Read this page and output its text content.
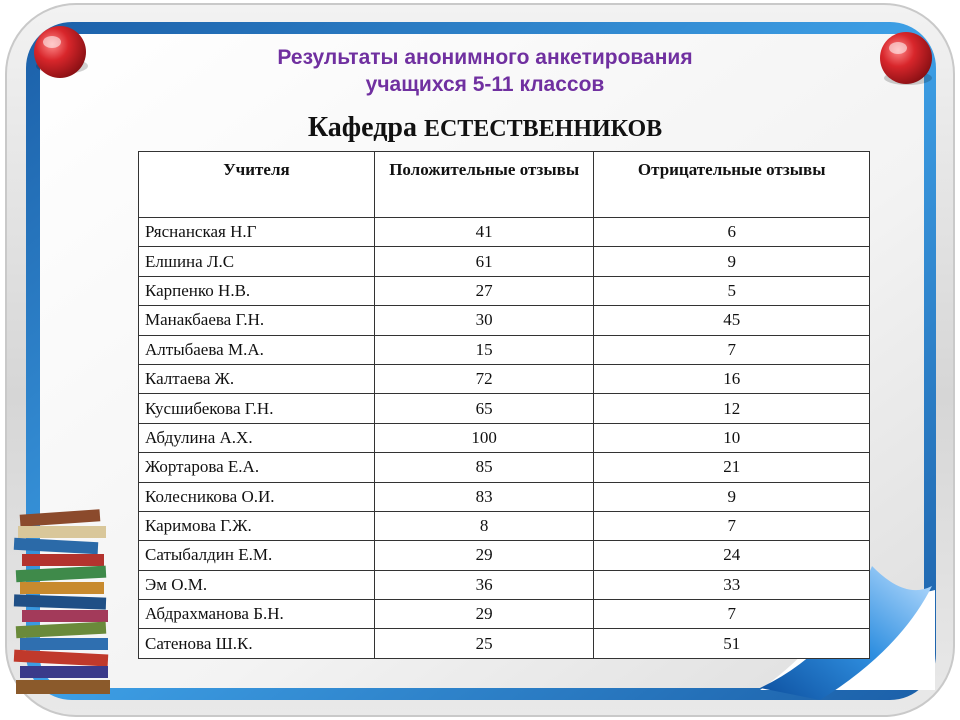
Результаты анонимного анкетирования
учащихся 5-11 классов
Кафедра ЕСТЕСТВЕННИКОВ
Учителя	Положительные отзывы	Отрицательные отзывы
Ряснанская Н.Г	41	6
Елшина Л.С	61	9
Карпенко Н.В.	27	5
Манакбаева Г.Н.	30	45
Алтыбаева М.А.	15	7
Калтаева Ж.	72	16
Кусшибекова Г.Н.	65	12
Абдулина А.Х.	100	10
Жортарова Е.А.	85	21
Колесникова О.И.	83	9
Каримова Г.Ж.	8	7
Сатыбалдин Е.М.	29	24
Эм О.М.	36	33
Абдрахманова Б.Н.	29	7
Сатенова Ш.К.	25	51
